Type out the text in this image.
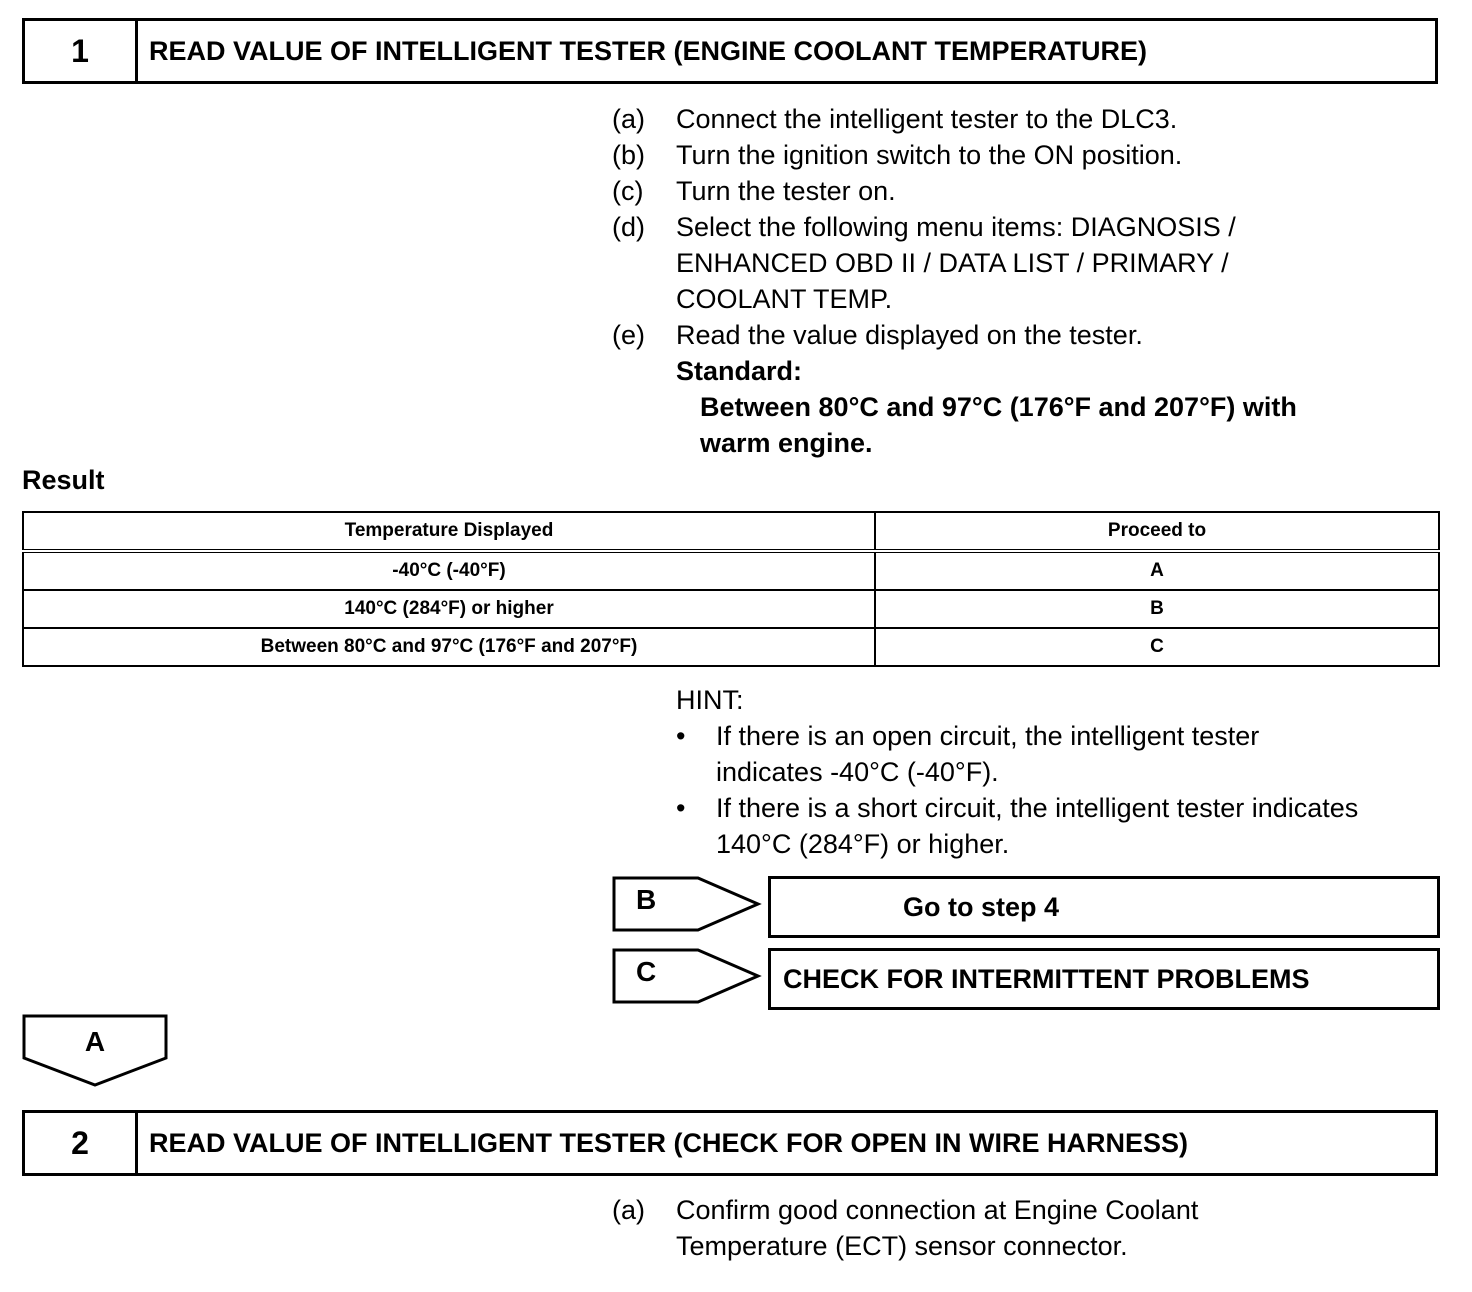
1	READ VALUE OF INTELLIGENT TESTER (ENGINE COOLANT TEMPERATURE)
(a)	Connect the intelligent tester to the DLC3.
(b)	Turn the ignition switch to the ON position.
(c)	Turn the tester on.
(d)	Select the following menu items: DIAGNOSIS /
ENHANCED OBD II / DATA LIST / PRIMARY /
COOLANT TEMP.
(e)	Read the value displayed on the tester.
Standard:
Between 80°C and 97°C (176°F and 207°F) with
warm engine.
Result
Temperature Displayed	Proceed to
-40°C (-40°F)	A
140°C (284°F) or higher	B
Between 80°C and 97°C (176°F and 207°F)	C
HINT:
•	If there is an open circuit, the intelligent tester
indicates -40°C (-40°F).
•	If there is a short circuit, the intelligent tester indicates
140°C (284°F) or higher.
B	Go to step 4
C	CHECK FOR INTERMITTENT PROBLEMS
A
2	READ VALUE OF INTELLIGENT TESTER (CHECK FOR OPEN IN WIRE HARNESS)
(a)	Confirm good connection at Engine Coolant
Temperature (ECT) sensor connector.
